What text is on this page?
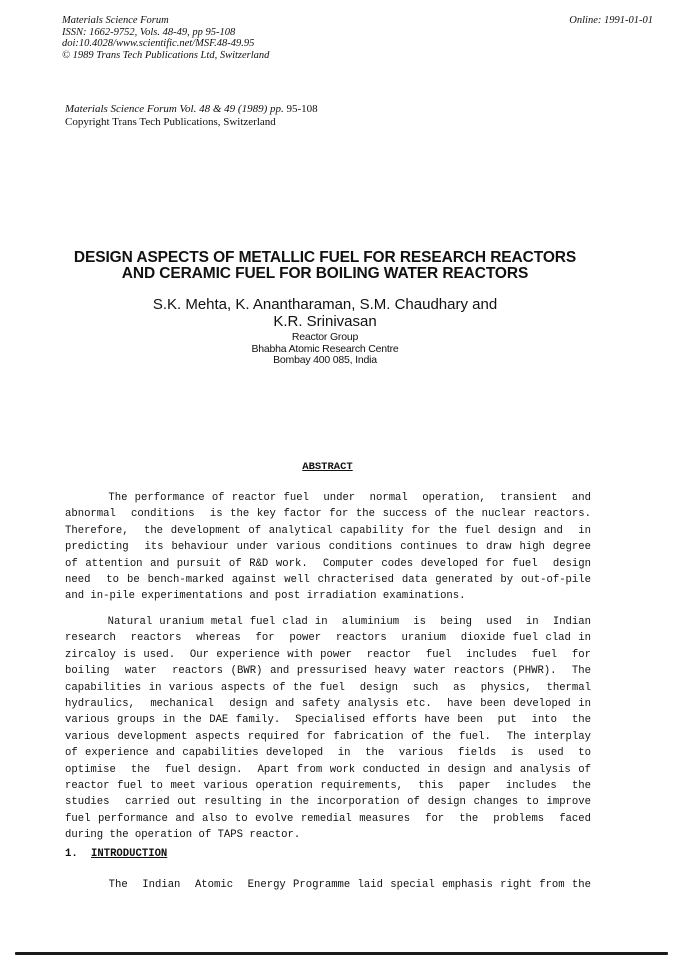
Materials Science Forum
ISSN: 1662-9752, Vols. 48-49, pp 95-108
doi:10.4028/www.scientific.net/MSF.48-49.95
© 1989 Trans Tech Publications Ltd, Switzerland
Online: 1991-01-01
Materials Science Forum Vol. 48 & 49 (1989) pp. 95-108
Copyright Trans Tech Publications, Switzerland
DESIGN ASPECTS OF METALLIC FUEL FOR RESEARCH REACTORS
AND CERAMIC FUEL FOR BOILING WATER REACTORS
S.K. Mehta, K. Anantharaman, S.M. Chaudhary and
K.R. Srinivasan
Reactor Group
Bhabha Atomic Research Centre
Bombay 400 085, India
ABSTRACT
The performance of reactor fuel  under  normal  operation,  transient  and
abnormal  conditions  is the key factor for the success of the nuclear reactors.
Therefore,  the development of analytical capability for the fuel design and  in
predicting  its behaviour under various conditions continues to draw high degree
of attention and pursuit of R&D work.  Computer codes developed for fuel  design
need  to be bench-marked against well chracterised data generated by out-of-pile
and in-pile experimentations and post irradiation examinations.
Natural uranium metal fuel clad in  aluminium  is  being  used  in  Indian
research  reactors  whereas  for  power  reactors  uranium  dioxide fuel clad in
zircaloy is used.  Our experience with power  reactor  fuel  includes  fuel  for
boiling  water  reactors (BWR) and pressurised heavy water reactors (PHWR).  The
capabilities in various aspects of the fuel  design  such  as  physics,  thermal
hydraulics,  mechanical  design and safety analysis etc.  have been developed in
various groups in the DAE family.  Specialised efforts have been  put  into  the
various development aspects required for fabrication of the fuel.  The interplay
of experience and capabilities developed  in  the  various  fields  is  used  to
optimise  the  fuel design.  Apart from work conducted in design and analysis of
reactor fuel to meet various operation requirements,  this  paper  includes  the
studies  carried out resulting in the incorporation of design changes to improve
fuel performance and also to evolve remedial measures  for  the  problems  faced
during the operation of TAPS reactor.
1. INTRODUCTION
The  Indian  Atomic  Energy Programme laid special emphasis right from the
